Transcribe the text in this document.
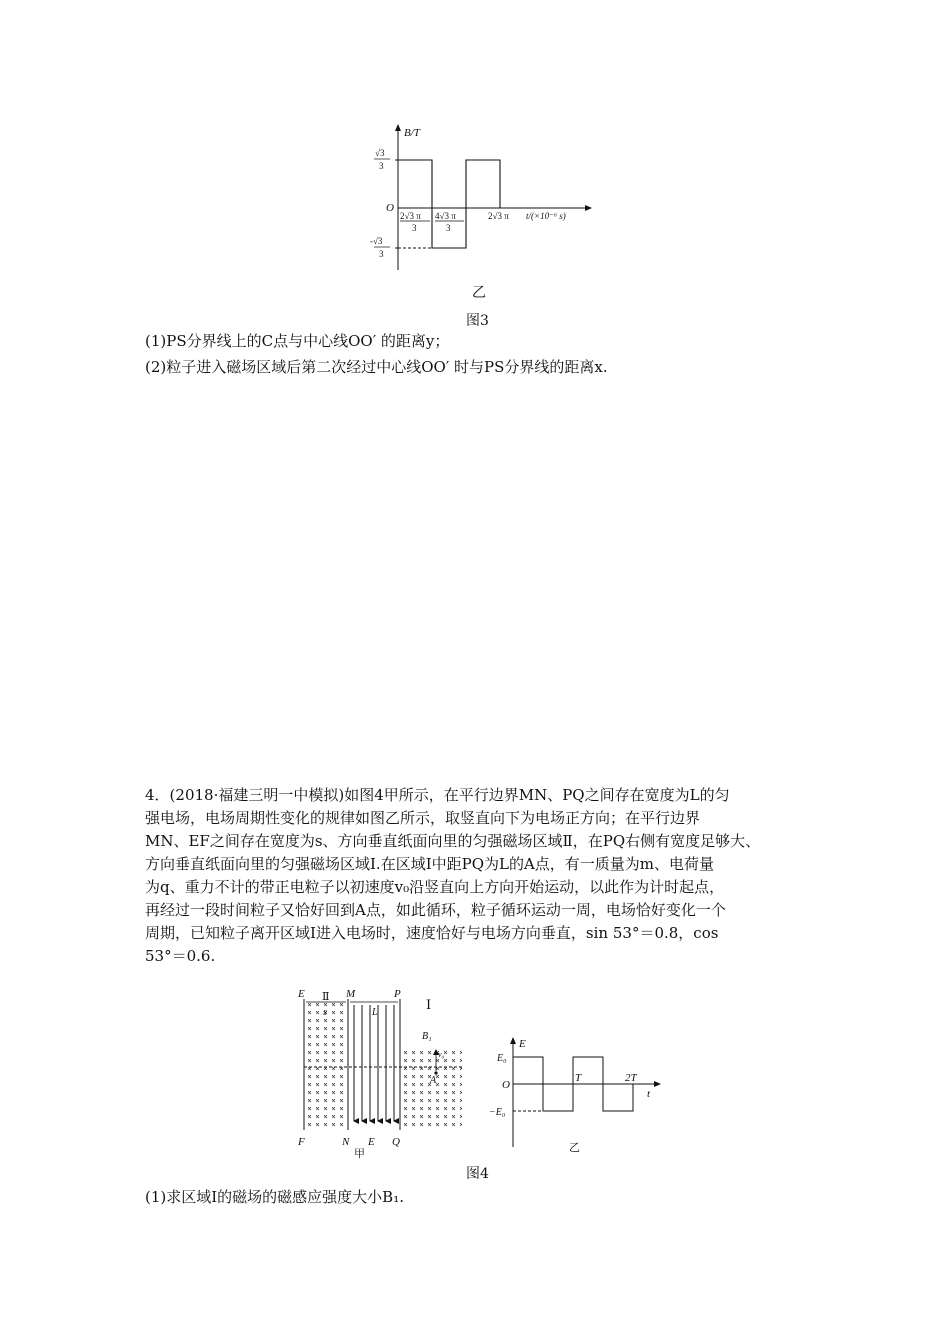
B/T
√3
3
-√3
3
O
2√3 π
3
4√3 π
3
2√3 π t/(×10⁻⁶ s)
乙
图3
(1)PS分界线上的C点与中心线OO′ 的距离y；
(2)粒子进入磁场区域后第二次经过中心线OO′ 时与PS分界线的距离x.
4．(2018·福建三明一中模拟)如图4甲所示，在平行边界MN、PQ之间存在宽度为L的匀
强电场，电场周期性变化的规律如图乙所示，取竖直向下为电场正方向；在平行边界
MN、EF之间存在宽度为s、方向垂直纸面向里的匀强磁场区域Ⅱ，在PQ右侧有宽度足够大、
方向垂直纸面向里的匀强磁场区域Ⅰ.在区域Ⅰ中距PQ为L的A点，有一质量为m、电荷量
为q、重力不计的带正电粒子以初速度v₀沿竖直向上方向开始运动，以此作为计时起点，
再经过一段时间粒子又恰好回到A点，如此循环，粒子循环运动一周，电场恰好变化一个
周期，已知粒子离开区域Ⅰ进入电场时，速度恰好与电场方向垂直，sin 53°＝0.8，cos
53°＝0.6.
E Ⅱ
s
M
L
P
Ⅰ
B₁
v₀
A
F	N E Q
甲
E
E₀
O
−E₀
T	2T
t
乙
图4
(1)求区域Ⅰ的磁场的磁感应强度大小B₁.
